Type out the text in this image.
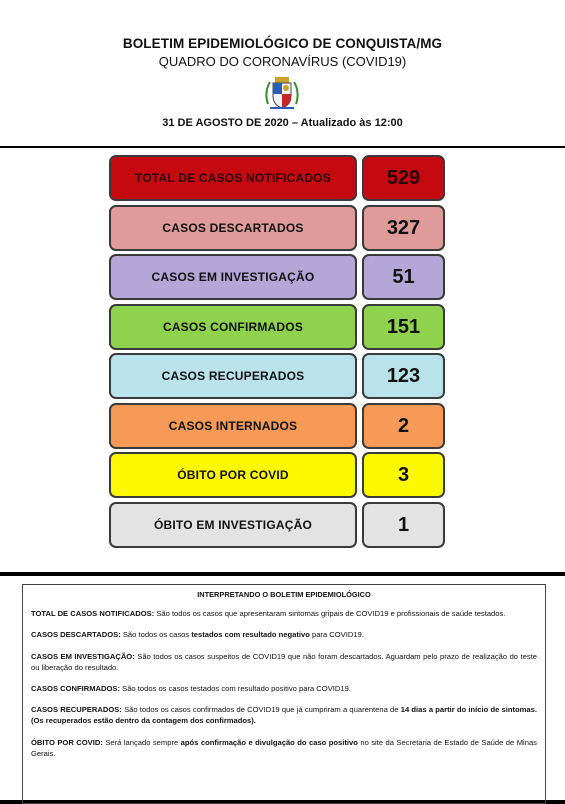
BOLETIM EPIDEMIOLÓGICO DE CONQUISTA/MG
QUADRO DO CORONAVÍRUS (COVID19)
31 DE AGOSTO DE 2020 – Atualizado às 12:00
TOTAL DE CASOS NOTIFICADOS	529
CASOS DESCARTADOS	327
CASOS EM INVESTIGAÇÃO	51
CASOS CONFIRMADOS	151
CASOS RECUPERADOS	123
CASOS INTERNADOS	2
ÓBITO POR COVID	3
ÓBITO EM INVESTIGAÇÃO	1
INTERPRETANDO O BOLETIM EPIDEMIOLÓGICO

TOTAL DE CASOS NOTIFICADOS: São todos os casos que apresentaram sintomas gripais de COVID19 e profissionais de saúde testados.

CASOS DESCARTADOS: São todos os casos testados com resultado negativo para COVID19.

CASOS EM INVESTIGAÇÃO: São todos os casos suspeitos de COVID19 que não foram descartados. Aguardam pelo prazo de realização do teste ou liberação do resultado.

CASOS CONFIRMADOS: São todos os casos testados com resultado positivo para COVID19.

CASOS RECUPERADOS: São todos os casos confirmados de COVID19 que já cumpriram a quarentena de 14 dias a partir do início de sintomas. (Os recuperados estão dentro da contagem dos confirmados).

ÓBITO POR COVID: Será lançado sempre após confirmação e divulgação do caso positivo no site da Secretaria de Estado de Saúde de Minas Gerais.
